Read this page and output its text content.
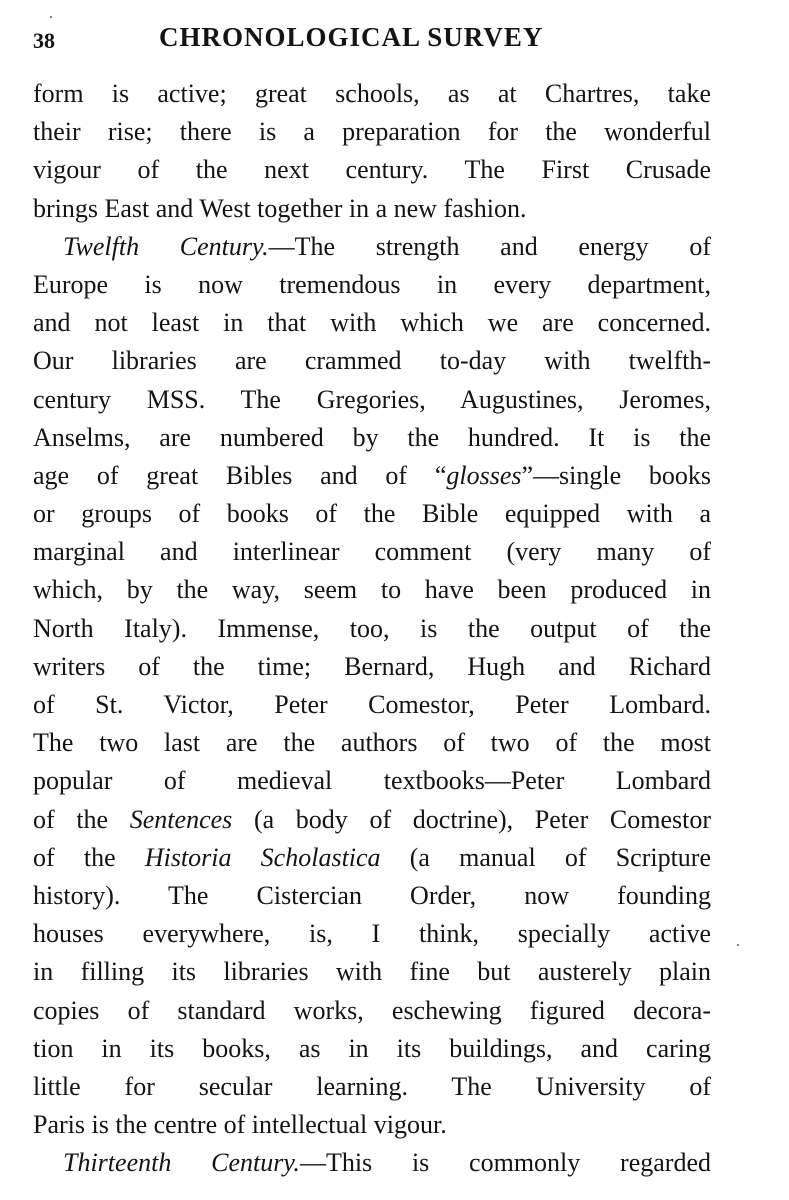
38	CHRONOLOGICAL SURVEY
form is active; great schools, as at Chartres, take
their rise; there is a preparation for the wonderful
vigour of the next century. The First Crusade
brings East and West together in a new fashion.
Twelfth Century.—The strength and energy of
Europe is now tremendous in every department,
and not least in that with which we are concerned.
Our libraries are crammed to-day with twelfth-
century MSS. The Gregories, Augustines, Jeromes,
Anselms, are numbered by the hundred. It is the
age of great Bibles and of “glosses”—single books
or groups of books of the Bible equipped with a
marginal and interlinear comment (very many of
which, by the way, seem to have been produced in
North Italy). Immense, too, is the output of the
writers of the time; Bernard, Hugh and Richard
of St. Victor, Peter Comestor, Peter Lombard.
The two last are the authors of two of the most
popular of medieval textbooks—Peter Lombard
of the Sentences (a body of doctrine), Peter Comestor
of the Historia Scholastica (a manual of Scripture
history). The Cistercian Order, now founding
houses everywhere, is, I think, specially active
in filling its libraries with fine but austerely plain
copies of standard works, eschewing figured decora-
tion in its books, as in its buildings, and caring
little for secular learning. The University of
Paris is the centre of intellectual vigour.
Thirteenth Century.—This is commonly regarded
